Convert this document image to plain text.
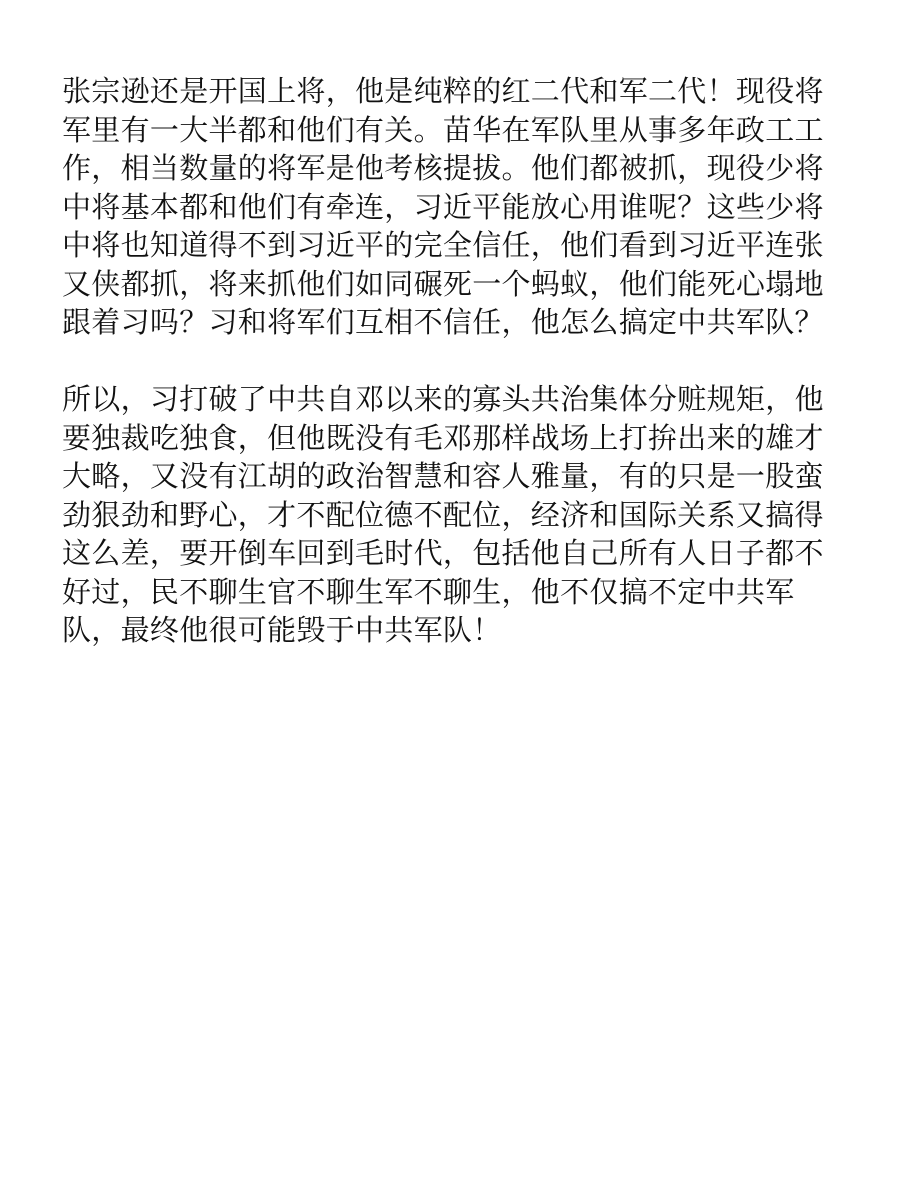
张宗逊还是开国上将，他是纯粹的红二代和军二代！现役将
军里有一大半都和他们有关。苗华在军队里从事多年政工工
作，相当数量的将军是他考核提拔。他们都被抓，现役少将
中将基本都和他们有牵连，习近平能放心用谁呢？这些少将
中将也知道得不到习近平的完全信任，他们看到习近平连张
又侠都抓，将来抓他们如同碾死一个蚂蚁，他们能死心塌地
跟着习吗？习和将军们互相不信任，他怎么搞定中共军队？

所以，习打破了中共自邓以来的寡头共治集体分赃规矩，他
要独裁吃独食，但他既没有毛邓那样战场上打拚出来的雄才
大略，又没有江胡的政治智慧和容人雅量，有的只是一股蛮
劲狠劲和野心，才不配位德不配位，经济和国际关系又搞得
这么差，要开倒车回到毛时代，包括他自己所有人日子都不
好过，民不聊生官不聊生军不聊生，他不仅搞不定中共军
队，最终他很可能毁于中共军队！
